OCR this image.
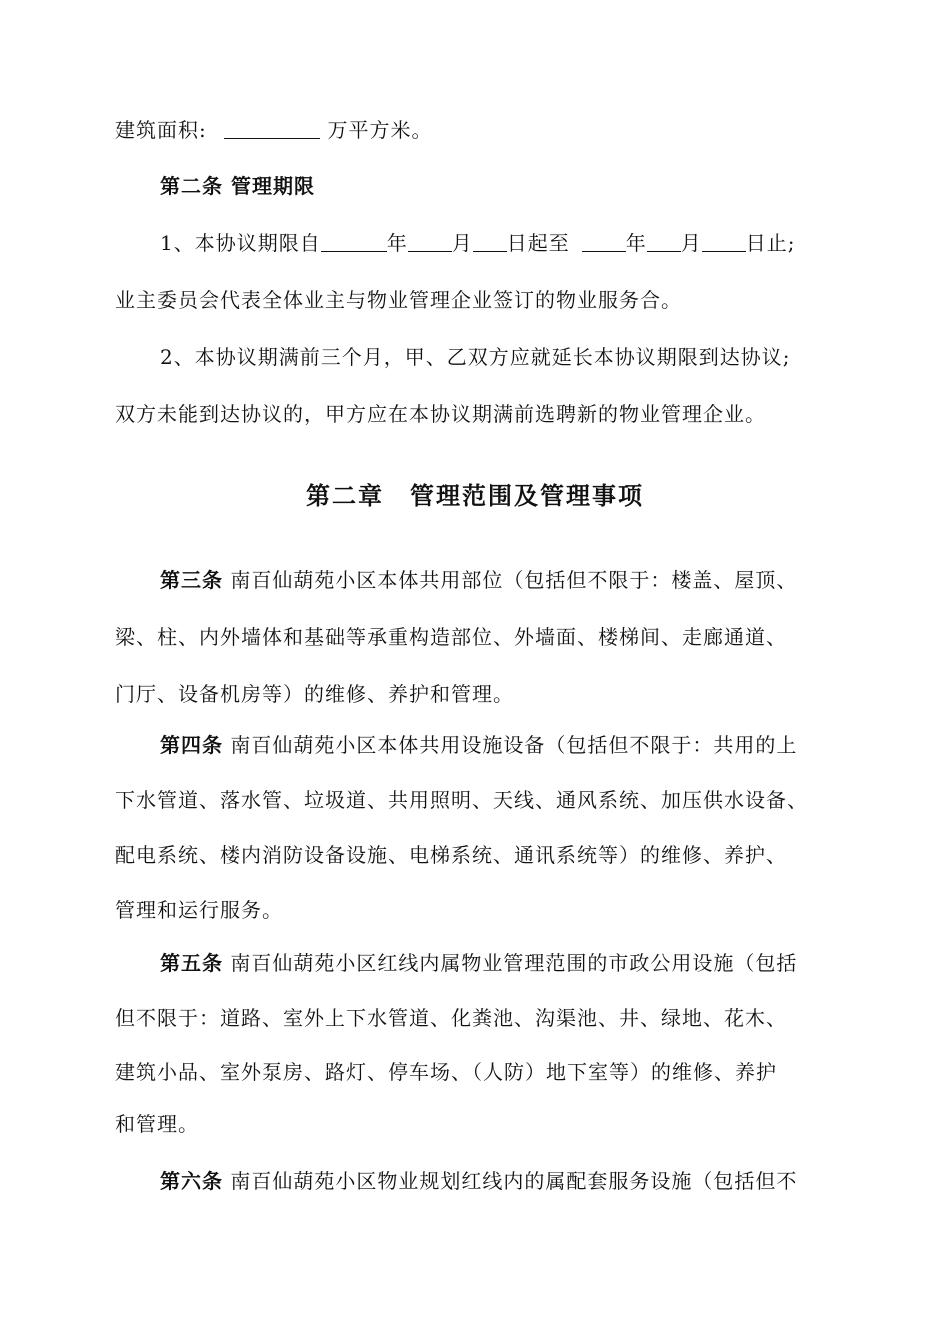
建筑面积:	万平方米。
第二条 管理期限
1、本协议期限自	年 月 日起至	年 月 日止;
业主委员会代表全体业主与物业管理企业签订的物业服务合。
2、本协议期满前三个月，甲、乙双方应就延长本协议期限到达协议;
双方未能到达协议的，甲方应在本协议期满前选聘新的物业管理企业。
第二章　管理范围及管理事项
第三条 南百仙葫苑小区本体共用部位（包括但不限于：楼盖、屋顶、
梁、柱、内外墙体和基础等承重构造部位、外墙面、楼梯间、走廊通道、
门厅、设备机房等）的维修、养护和管理。
第四条 南百仙葫苑小区本体共用设施设备（包括但不限于：共用的上
下水管道、落水管、垃圾道、共用照明、天线、通风系统、加压供水设备、
配电系统、楼内消防设备设施、电梯系统、通讯系统等）的维修、养护、
管理和运行服务。
第五条 南百仙葫苑小区红线内属物业管理范围的市政公用设施（包括
但不限于：道路、室外上下水管道、化粪池、沟渠池、井、绿地、花木、
建筑小品、室外泵房、路灯、停车场、（人防）地下室等）的维修、养护
和管理。
第六条 南百仙葫苑小区物业规划红线内的属配套服务设施（包括但不
